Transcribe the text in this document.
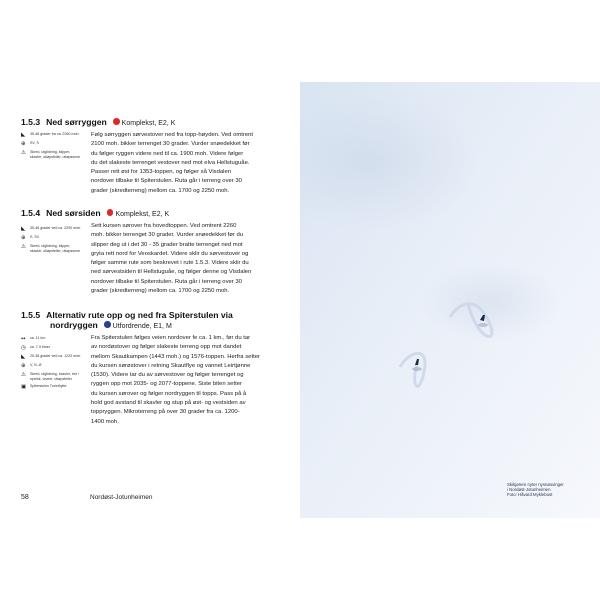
1.5.3 Ned sørryggen Komplekst, E2, K
◣	35-46 grader fra ca. 2260 moh.
⊕	SV, S
⚠	Skred, utglidning, klipper, skavler, utløpsfeller, utløpssone
Følg sørryggen sørvestover ned fra topp-høyden. Ved omtrent
2100 moh. bikker terrenget 30 grader. Vurder snøedekket før
du følger ryggen videre ned til ca. 1900 moh. Videre følger
du det slakeste terrenget vestover ned mot elva Hellstuguåe.
Passer rett øst for 1353-toppen, og følger så Visdalen
nordover tilbake til Spiterstulen. Ruta går i terreng over 30
grader (skredterreng) mellom ca. 1700 og 2250 moh.
1.5.4 Ned sørsiden Komplekst, E2, K
◣	35-46 grader ved ca. 2290 moh.
⊕	S, SV
⚠	Skred, utglidning, klipper, skavler, utløpsfeller, utløpssone
Sett kursen sørover fra hovedtoppen. Ved omtrent 2260
moh. bikker terrenget 30 grader. Vurder snøedekket før du
slipper deg ut i det 30 - 35 grader bratte terrenget ned mot
gryta rett nord for Veoskardet. Videre sklir du sørvestover og
følger samme rute som beskrevet i rute 1.5.3. Videre sklir du
ned sørvestsiden til Hellstuguåe, og følger denne og Visdalen
nordover tilbake til Spiterstulen. Ruta går i terreng over 30
grader (skredterreng) mellom ca. 1700 og 2250 moh.
1.5.5 Alternativ rute opp og ned fra Spiterstulen via
nordryggen Utfordrende, E1, M
↭	ca. 11 km
◷	ca. 7-9 timer
◣	25-38 grader ved ca. 1220 moh.
⊕	V, N, Ø
⚠	Skred, utglidning, skavler, bre / sprekk, toveer, utløpsfeller
▣	Spiterstulen Turisthytte
Fra Spiterstulen følges veien nordover fe ca. 1 km., før du tar
av nordøstover og følger slakeste terreng opp mot dandet
mellom Skautkampen (1443 moh.) og 1576-toppen. Herfra setter
du kursen sørøstover i retning Skautflye og vannet Leirtjønne
(1530). Videre tar du av sørvestover og følger terrenget og
ryggen opp mot 2035- og 2077-toppene. Siste biten setter
du kursen sørover og følger nordryggen til topps. Pass på å
hold god avstand til skavler og stup på øst- og vestsiden av
toppryggen. Mikroterreng på over 30 grader fra ca. 1200-
1400 moh.
58	Nordøst-Jotunheimen
Skikjørere nyter nysnøsvinger
i Nordøst-Jotunheimen
Foto: Håvard Myklebust
